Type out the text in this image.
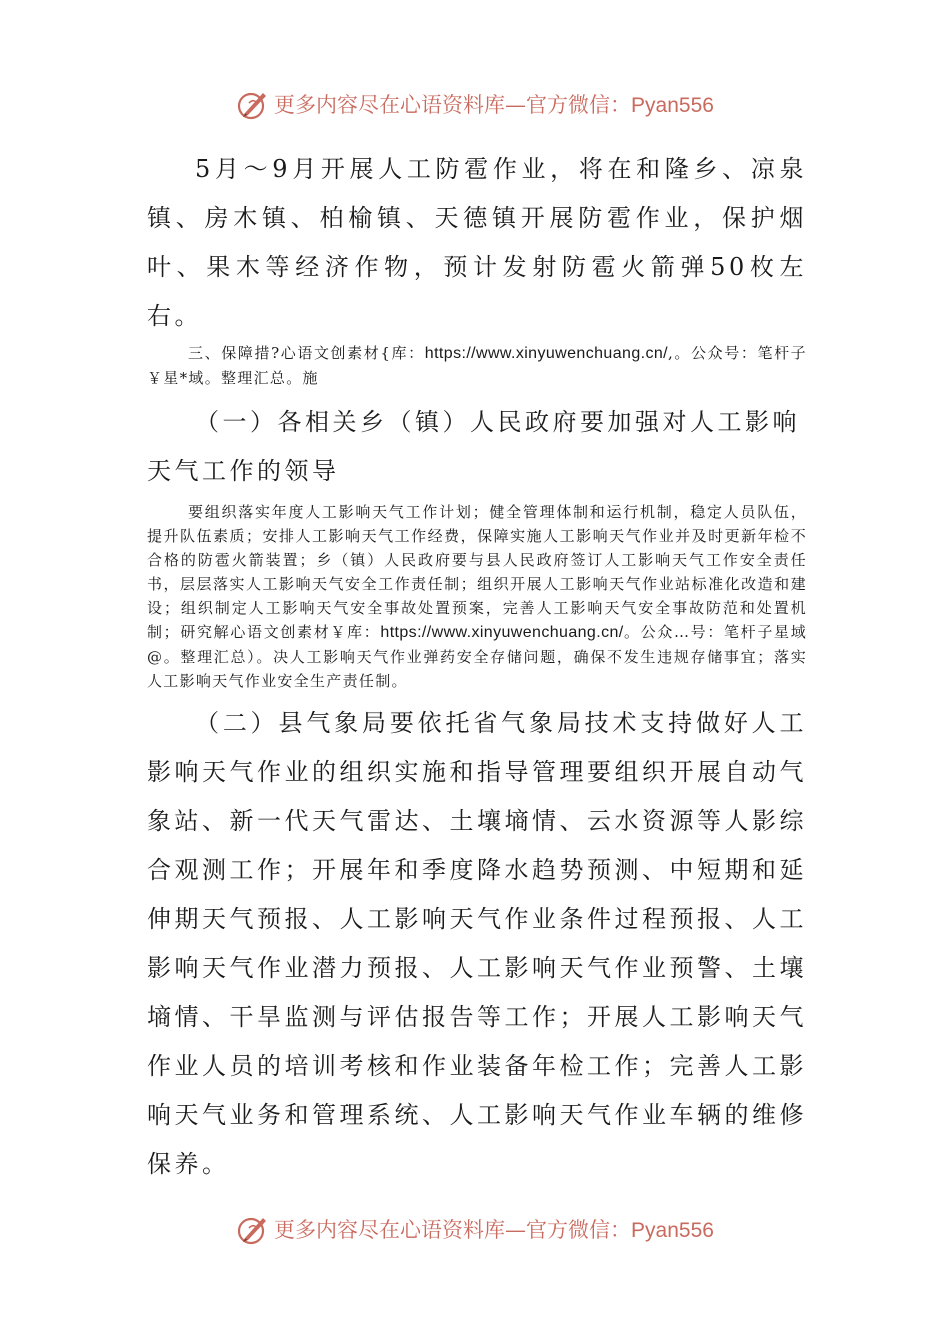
更多内容尽在心语资料库—官方微信：Pyan556

5月～9月开展人工防雹作业，将在和隆乡、凉泉镇、房木镇、柏榆镇、天德镇开展防雹作业，保护烟叶、果木等经济作物，预计发射防雹火箭弹50枚左右。

三、保障措?心语文创素材{库：https://www.xinyuwenchuang.cn/,。公众号：笔杆子￥星*域。整理汇总。施

（一）各相关乡（镇）人民政府要加强对人工影响天气工作的领导

要组织落实年度人工影响天气工作计划；健全管理体制和运行机制，稳定人员队伍，提升队伍素质；安排人工影响天气工作经费，保障实施人工影响天气作业并及时更新年检不合格的防雹火箭装置；乡（镇）人民政府要与县人民政府签订人工影响天气工作安全责任书，层层落实人工影响天气安全工作责任制；组织开展人工影响天气作业站标准化改造和建设；组织制定人工影响天气安全事故处置预案，完善人工影响天气安全事故防范和处置机制；研究解心语文创素材￥库：https://www.xinyuwenchuang.cn/。公众…号：笔杆子星域@。整理汇总）。决人工影响天气作业弹药安全存储问题，确保不发生违规存储事宜；落实人工影响天气作业安全生产责任制。

（二）县气象局要依托省气象局技术支持做好人工影响天气作业的组织实施和指导管理要组织开展自动气象站、新一代天气雷达、土壤墒情、云水资源等人影综合观测工作；开展年和季度降水趋势预测、中短期和延伸期天气预报、人工影响天气作业条件过程预报、人工影响天气作业潜力预报、人工影响天气作业预警、土壤墒情、干旱监测与评估报告等工作；开展人工影响天气作业人员的培训考核和作业装备年检工作；完善人工影响天气业务和管理系统、人工影响天气作业车辆的维修保养。

更多内容尽在心语资料库—官方微信：Pyan556
